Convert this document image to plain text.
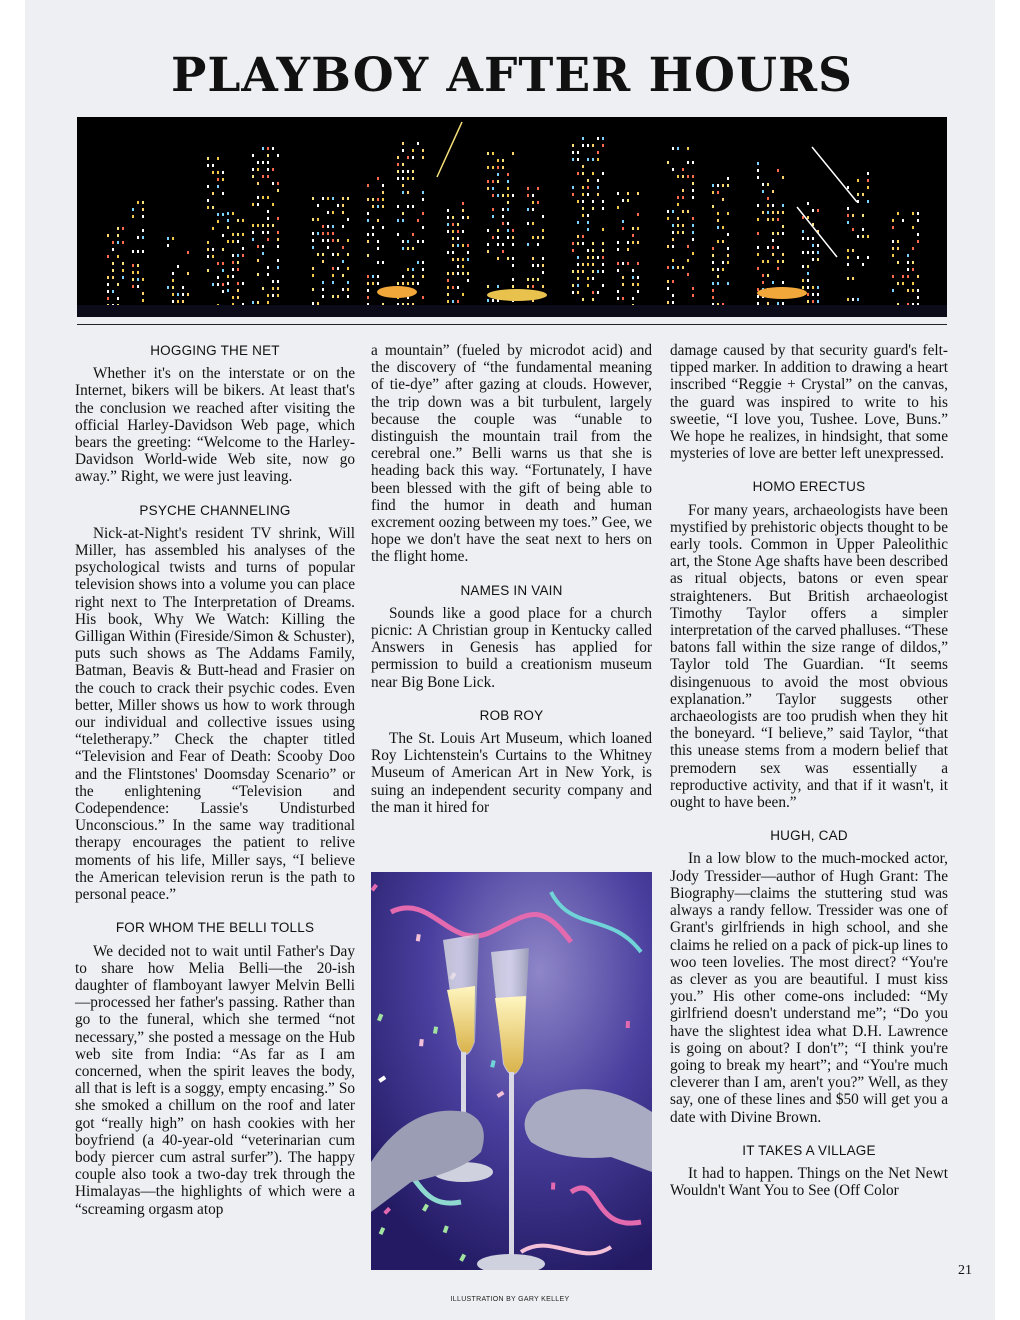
PLAYBOY AFTER HOURS
HOGGING THE NET

Whether it's on the interstate or on the Internet, bikers will be bikers. At least that's the conclusion we reached after visiting the official Harley-Davidson Web page, which bears the greeting: “Welcome to the Harley-Davidson World-wide Web site, now go away.” Right, we were just leaving.

PSYCHE CHANNELING

Nick-at-Night's resident TV shrink, Will Miller, has assembled his analyses of the psychological twists and turns of popular television shows into a volume you can place right next to The Interpretation of Dreams. His book, Why We Watch: Killing the Gilligan Within (Fireside/Simon & Schuster), puts such shows as The Addams Family, Batman, Beavis & Butt-head and Frasier on the couch to crack their psychic codes. Even better, Miller shows us how to work through our individual and collective issues using “teletherapy.” Check the chapter titled “Television and Fear of Death: Scooby Doo and the Flintstones' Doomsday Scenario” or the enlightening “Television and Codependence: Lassie's Undisturbed Unconscious.” In the same way traditional therapy encourages the patient to relive moments of his life, Miller says, “I believe the American television rerun is the path to personal peace.”

FOR WHOM THE BELLI TOLLS

We decided not to wait until Father's Day to share how Melia Belli—the 20-ish daughter of flamboyant lawyer Melvin Belli—processed her father's passing. Rather than go to the funeral, which she termed “not necessary,” she posted a message on the Hub web site from India: “As far as I am concerned, when the spirit leaves the body, all that is left is a soggy, empty encasing.” So she smoked a chillum on the roof and later got “really high” on hash cookies with her boyfriend (a 40-year-old “veterinarian cum body piercer cum astral surfer”). The happy couple also took a two-day trek through the Himalayas—the highlights of which were a “screaming orgasm atop

a mountain” (fueled by microdot acid) and the discovery of “the fundamental meaning of tie-dye” after gazing at clouds. However, the trip down was a bit turbulent, largely because the couple was “unable to distinguish the mountain trail from the cerebral one.” Belli warns us that she is heading back this way. “Fortunately, I have been blessed with the gift of being able to find the humor in death and human excrement oozing between my toes.” Gee, we hope we don't have the seat next to hers on the flight home.

NAMES IN VAIN

Sounds like a good place for a church picnic: A Christian group in Kentucky called Answers in Genesis has applied for permission to build a creationism museum near Big Bone Lick.

ROB ROY

The St. Louis Art Museum, which loaned Roy Lichtenstein's Curtains to the Whitney Museum of American Art in New York, is suing an independent security company and the man it hired for

damage caused by that security guard's felt-tipped marker. In addition to drawing a heart inscribed “Reggie + Crystal” on the canvas, the guard was inspired to write to his sweetie, “I love you, Tushee. Love, Buns.” We hope he realizes, in hindsight, that some mysteries of love are better left unexpressed.

HOMO ERECTUS

For many years, archaeologists have been mystified by prehistoric objects thought to be early tools. Common in Upper Paleolithic art, the Stone Age shafts have been described as ritual objects, batons or even spear straighteners. But British archaeologist Timothy Taylor offers a simpler interpretation of the carved phalluses. “These batons fall within the size range of dildos,” Taylor told The Guardian. “It seems disingenuous to avoid the most obvious explanation.” Taylor suggests other archaeologists are too prudish when they hit the boneyard. “I believe,” said Taylor, “that this unease stems from a modern belief that premodern sex was essentially a reproductive activity, and that if it wasn't, it ought to have been.”

HUGH, CAD

In a low blow to the much-mocked actor, Jody Tressider—author of Hugh Grant: The Biography—claims the stuttering stud was always a randy fellow. Tressider was one of Grant's girlfriends in high school, and she claims he relied on a pack of pick-up lines to woo teen lovelies. The most direct? “You're as clever as you are beautiful. I must kiss you.” His other come-ons included: “My girlfriend doesn't understand me”; “Do you have the slightest idea what D.H. Lawrence is going on about? I don't”; “I think you're going to break my heart”; and “You're much cleverer than I am, aren't you?” Well, as they say, one of these lines and $50 will get you a date with Divine Brown.

IT TAKES A VILLAGE

It had to happen. Things on the Net Newt Wouldn't Want You to See (Off Color

21
ILLUSTRATION BY GARY KELLEY
